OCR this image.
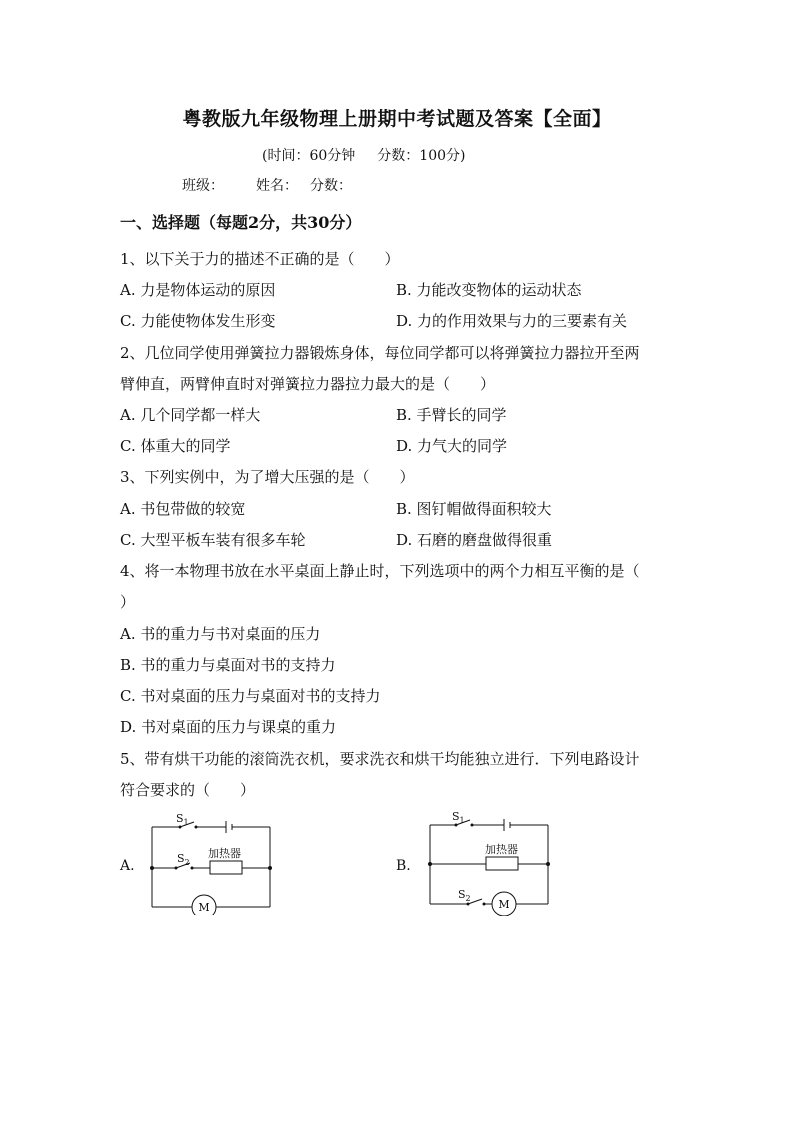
粤教版九年级物理上册期中考试题及答案【全面】
(时间：60分钟 分数：100分)
班级： 姓名： 分数：
一、选择题（每题2分，共30分）
1、以下关于力的描述不正确的是（　　）
A. 力是物体运动的原因	B. 力能改变物体的运动状态
C. 力能使物体发生形变	D. 力的作用效果与力的三要素有关
2、几位同学使用弹簧拉力器锻炼身体，每位同学都可以将弹簧拉力器拉开至两
臂伸直，两臂伸直时对弹簧拉力器拉力最大的是（　　）
A. 几个同学都一样大	B. 手臂长的同学
C. 体重大的同学	D. 力气大的同学
3、下列实例中，为了增大压强的是（　　）
A. 书包带做的较宽	B. 图钉帽做得面积较大
C. 大型平板车装有很多车轮	D. 石磨的磨盘做得很重
4、将一本物理书放在水平桌面上静止时，下列选项中的两个力相互平衡的是（
）
A. 书的重力与书对桌面的压力
B. 书的重力与桌面对书的支持力
C. 书对桌面的压力与桌面对书的支持力
D. 书对桌面的压力与课桌的重力
5、带有烘干功能的滚筒洗衣机，要求洗衣和烘干均能独立进行．下列电路设计
符合要求的（　　）
A.
$S_1$
$S_2$
加热器
M
B.
$S_1$
$S_2$
加热器
M
